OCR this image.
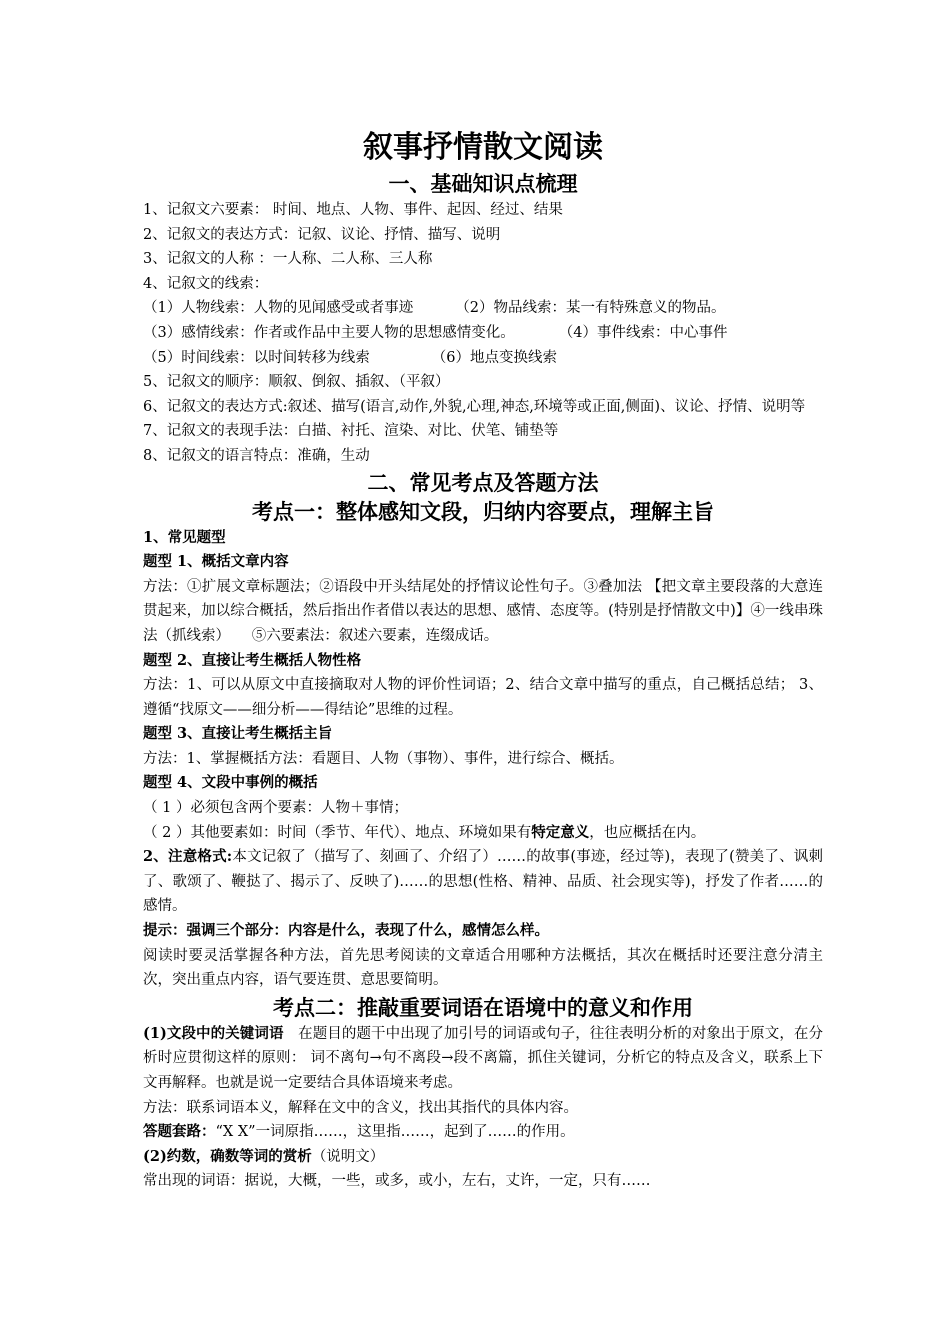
叙事抒情散文阅读

一、基础知识点梳理

1、记叙文六要素： 时间、地点、人物、事件、起因、经过、结果

2、记叙文的表达方式：记叙、议论、抒情、描写、说明

3、记叙文的人称 ：一人称、二人称、三人称

4、记叙文的线索：

（1）人物线索：人物的见闻感受或者事迹	（2）物品线索：某一有特殊意义的物品。

（3）感情线索：作者或作品中主要人物的思想感情变化。	（4）事件线索：中心事件

（5）时间线索：以时间转移为线索	（6）地点变换线索

5、记叙文的顺序：顺叙、倒叙、插叙、（平叙）

6、记叙文的表达方式:叙述、描写(语言,动作,外貌,心理,神态,环境等或正面,侧面)、议论、抒情、说明等

7、记叙文的表现手法：白描、衬托、渲染、对比、伏笔、铺垫等

8、记叙文的语言特点：准确，生动

二、常见考点及答题方法

考点一：整体感知文段，归纳内容要点，理解主旨

1、常见题型

题型 1、概括文章内容

方法：①扩展文章标题法；②语段中开头结尾处的抒情议论性句子。③叠加法 【把文章主要段落的大意连贯起来，加以综合概括，然后指出作者借以表达的思想、感情、态度等。(特别是抒情散文中)】④一线串珠法（抓线索）　　⑤六要素法：叙述六要素，连缀成话。

题型 2、直接让考生概括人物性格

方法：1、可以从原文中直接摘取对人物的评价性词语；2、结合文章中描写的重点，自己概括总结； 3、遵循“找原文——细分析——得结论”思维的过程。

题型 3、直接让考生概括主旨

方法：1、掌握概括方法：看题目、人物（事物）、事件，进行综合、概括。

题型 4、文段中事例的概括

（ 1 ）必须包含两个要素：人物＋事情；

（ 2 ）其他要素如：时间（季节、年代）、地点、环境如果有特定意义，也应概括在内。

2、注意格式:本文记叙了（描写了、刻画了、介绍了）……的故事(事迹，经过等)，表现了(赞美了、讽刺了、歌颂了、鞭挞了、揭示了、反映了)……的思想(性格、精神、品质、社会现实等)，抒发了作者……的感情。

提示：强调三个部分：内容是什么，表现了什么，感情怎么样。

阅读时要灵活掌握各种方法，首先思考阅读的文章适合用哪种方法概括，其次在概括时还要注意分清主次，突出重点内容，语气要连贯、意思要简明。

考点二：推敲重要词语在语境中的意义和作用

(1)文段中的关键词语　在题目的题干中出现了加引号的词语或句子，往往表明分析的对象出于原文，在分析时应贯彻这样的原则： 词不离句→句不离段→段不离篇，抓住关键词，分析它的特点及含义，联系上下文再解释。也就是说一定要结合具体语境来考虑。

方法：联系词语本义，解释在文中的含义，找出其指代的具体内容。

答题套路：“X X”一词原指……，这里指……，起到了……的作用。

(2)约数，确数等词的赏析（说明文）

常出现的词语：据说，大概，一些，或多，或小，左右，丈许，一定，只有……
